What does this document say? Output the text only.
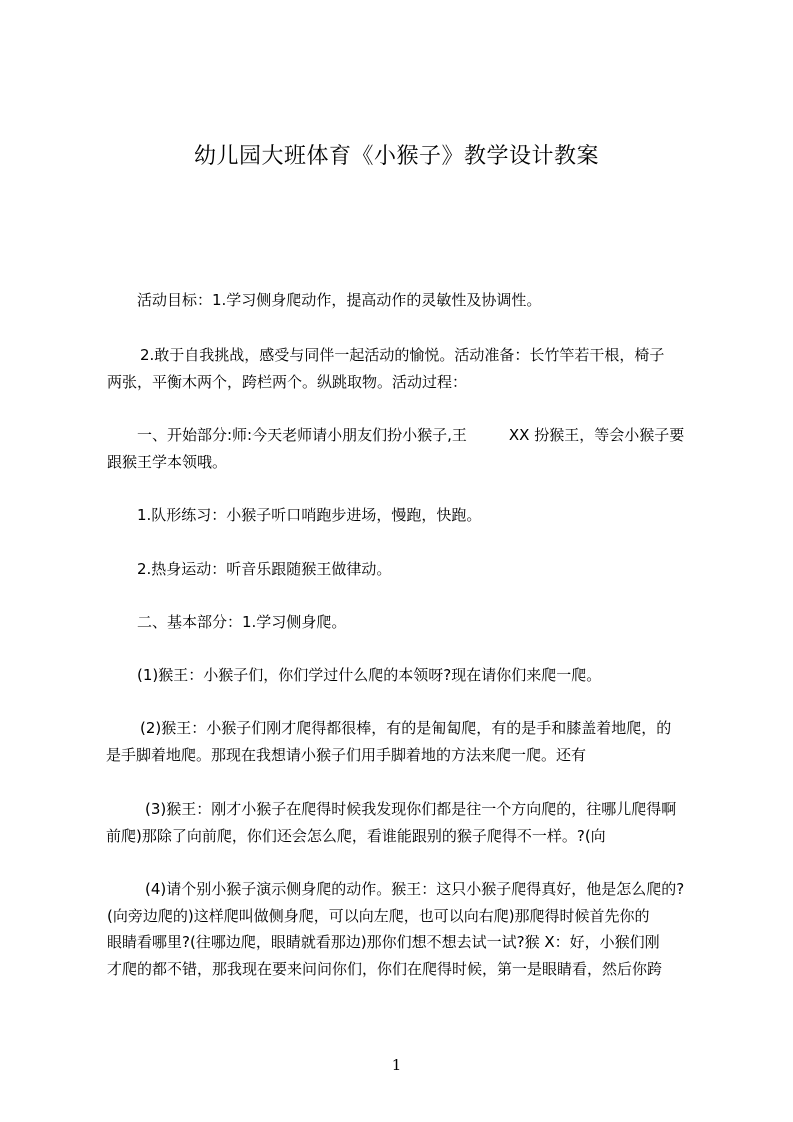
幼儿园大班体育《小猴子》教学设计教案
活动目标：1.学习侧身爬动作，提高动作的灵敏性及协调性。
2.敢于自我挑战，感受与同伴一起活动的愉悦。活动准备：长竹竿若干根，椅子
两张，平衡木两个，跨栏两个。纵跳取物。活动过程：
一、开始部分:师:今天老师请小朋友们扮小猴子,王	XX 扮猴王，等会小猴子要
跟猴王学本领哦。
1.队形练习：小猴子听口哨跑步进场，慢跑，快跑。
2.热身运动：听音乐跟随猴王做律动。
二、基本部分：1.学习侧身爬。
(1)猴王：小猴子们，你们学过什么爬的本领呀?现在请你们来爬一爬。
(2)猴王：小猴子们刚才爬得都很棒，有的是匍匐爬，有的是手和膝盖着地爬，的
是手脚着地爬。那现在我想请小猴子们用手脚着地的方法来爬一爬。还有
(3)猴王：刚才小猴子在爬得时候我发现你们都是往一个方向爬的，往哪儿爬得啊
前爬)那除了向前爬，你们还会怎么爬，看谁能跟别的猴子爬得不一样。?(向
(4)请个别小猴子演示侧身爬的动作。猴王：这只小猴子爬得真好，他是怎么爬的?
(向旁边爬的)这样爬叫做侧身爬，可以向左爬，也可以向右爬)那爬得时候首先你的
眼睛看哪里?(往哪边爬，眼睛就看那边)那你们想不想去试一试?猴 X：好，小猴们刚
才爬的都不错，那我现在要来问问你们，你们在爬得时候，第一是眼睛看，然后你跨
1
